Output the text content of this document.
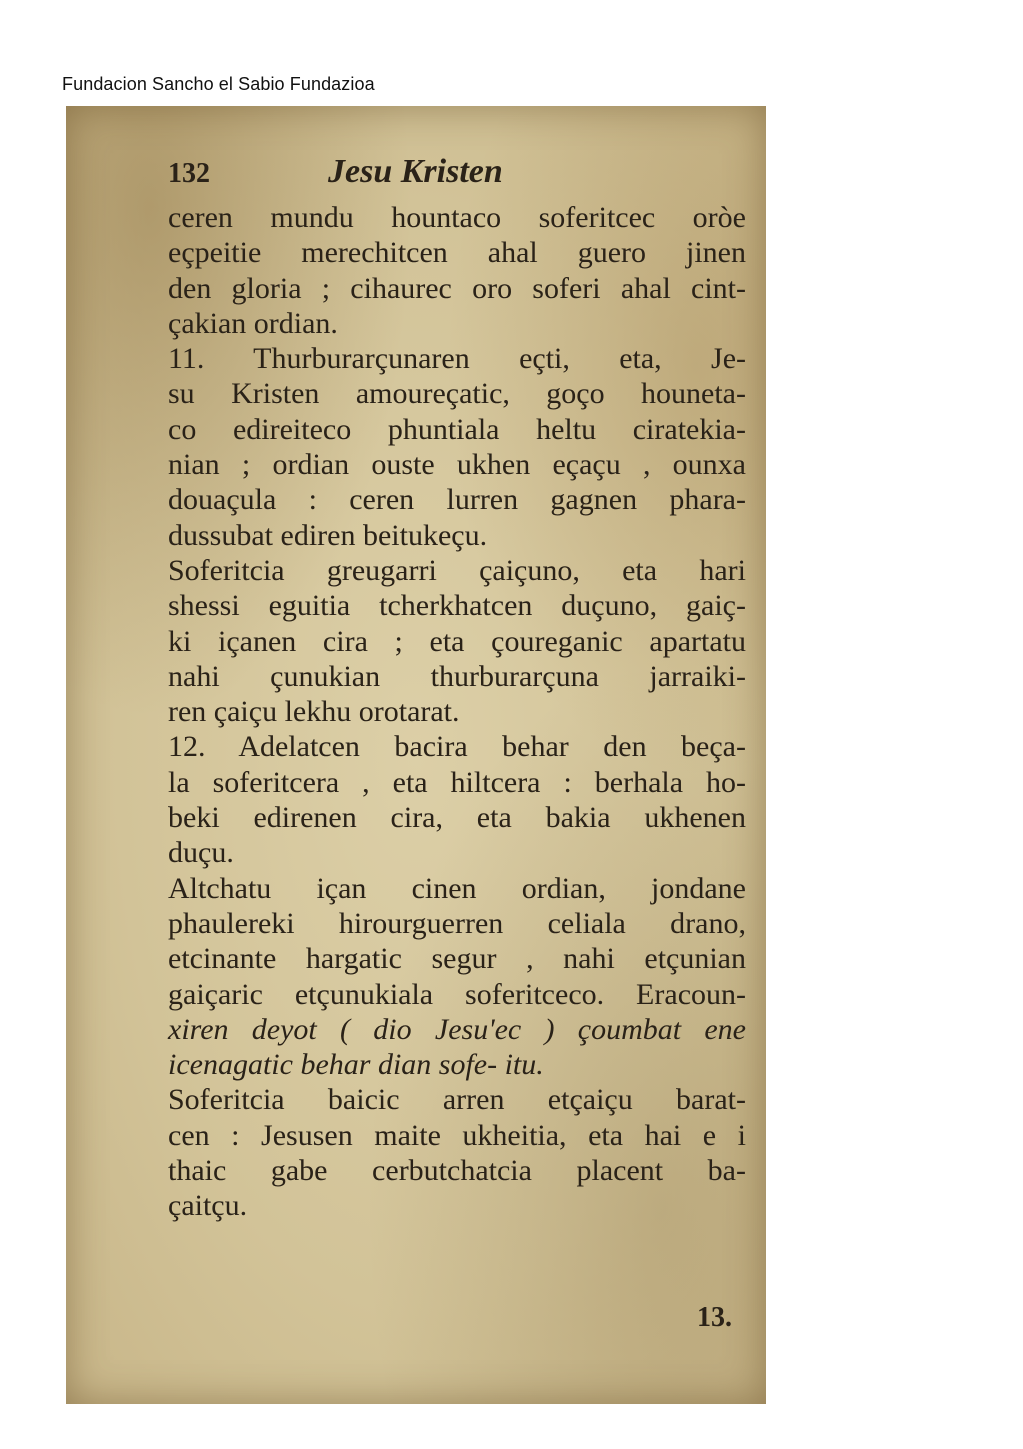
Fundacion Sancho el Sabio Fundazioa
132	Jesu Kristen
ceren mundu hountaco soferitcec oròe
eçpeitie merechitcen ahal guero jinen
den gloria ; cihaurec oro soferi ahal cint-
çakian ordian.
11. Thurburarçunaren eçti, eta, Je-
su Kristen amoureçatic, goço houneta-
co edireiteco phuntiala heltu ciratekia-
nian ; ordian ouste ukhen eçaçu , ounxa
douaçula : ceren lurren gagnen phara-
dussubat ediren beitukeçu.
Soferitcia greugarri çaiçuno, eta hari
shessi eguitia tcherkhatcen duçuno, gaiç-
ki içanen cira ; eta çoureganic apartatu
nahi çunukian thurburarçuna jarraiki-
ren çaiçu lekhu orotarat.
12. Adelatcen bacira behar den beça-
la soferitcera , eta hiltcera : berhala ho-
beki edirenen cira, eta bakia ukhenen
duçu.
Altchatu içan cinen ordian, jondane
phaulereki hirourguerren celiala drano,
etcinante hargatic segur , nahi etçunian
gaiçaric etçunukiala soferitceco. Eracoun-
xiren deyot ( dio Jesu'ec ) çoumbat ene
icenagatic behar dian sofe- itu.
Soferitcia baicic arren etçaiçu barat-
cen : Jesusen maite ukheitia, eta hai e i
thaic gabe cerbutchatcia placent ba-
çaitçu.
13.
